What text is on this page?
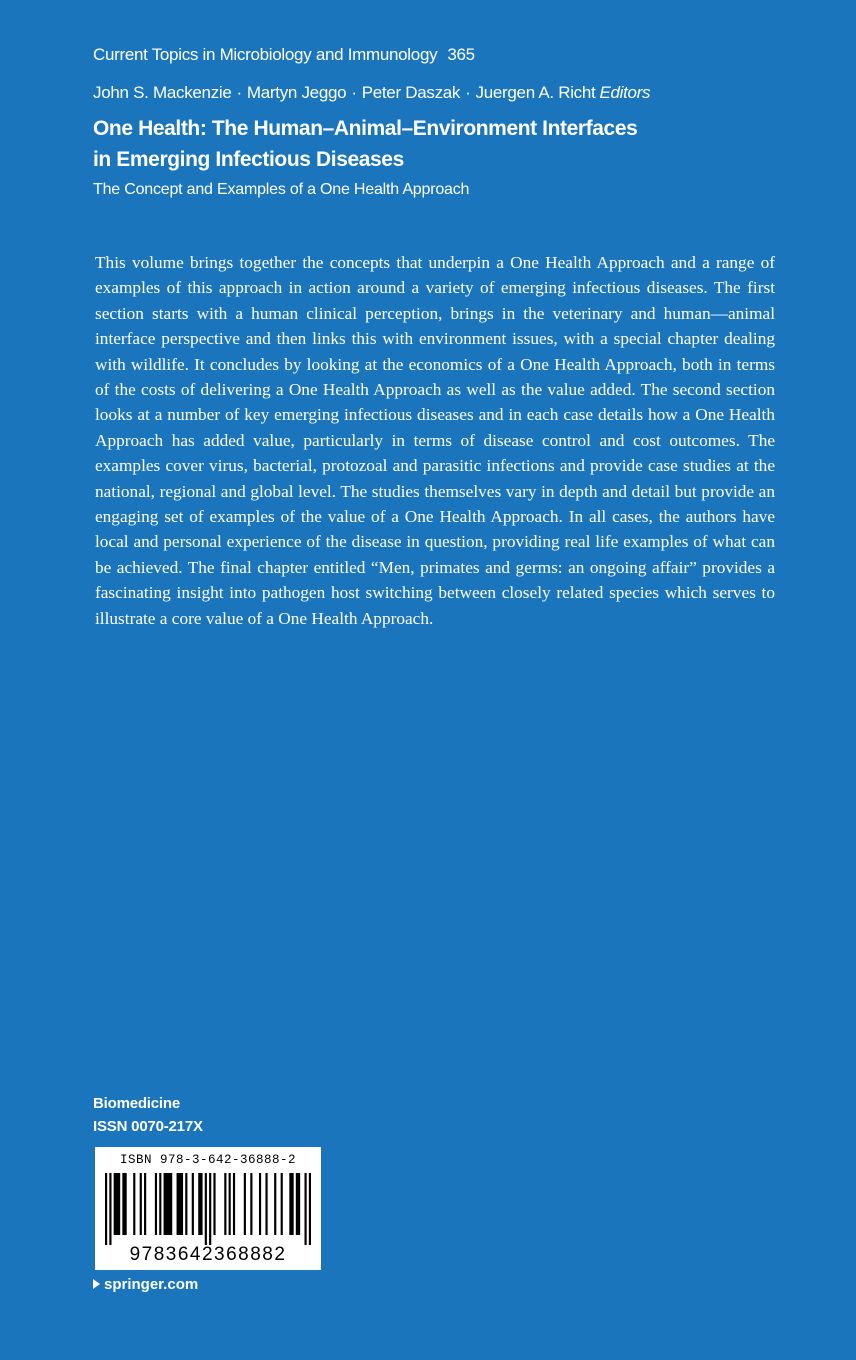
Current Topics in Microbiology and Immunology 365
John S. Mackenzie · Martyn Jeggo · Peter Daszak · Juergen A. Richt Editors
One Health: The Human–Animal–Environment Interfaces
in Emerging Infectious Diseases
The Concept and Examples of a One Health Approach

This volume brings together the concepts that underpin a One Health Approach and a range of examples of this approach in action around a variety of emerging infectious diseases. The first section starts with a human clinical perception, brings in the veterinary and human—animal interface perspective and then links this with environment issues, with a special chapter dealing with wildlife. It concludes by looking at the economics of a One Health Approach, both in terms of the costs of delivering a One Health Approach as well as the value added. The second section looks at a number of key emerging infectious diseases and in each case details how a One Health Approach has added value, particularly in terms of disease control and cost outcomes. The examples cover virus, bacterial, protozoal and parasitic infections and provide case studies at the national, regional and global level. The studies themselves vary in depth and detail but provide an engaging set of examples of the value of a One Health Approach. In all cases, the authors have local and personal experience of the disease in question, providing real life examples of what can be achieved. The final chapter entitled “Men, primates and germs: an ongoing affair” provides a fascinating insight into pathogen host switching between closely related species which serves to illustrate a core value of a One Health Approach.

Biomedicine
ISSN 0070-217X
ISBN 978-3-642-36888-2
9783642368882
springer.com
